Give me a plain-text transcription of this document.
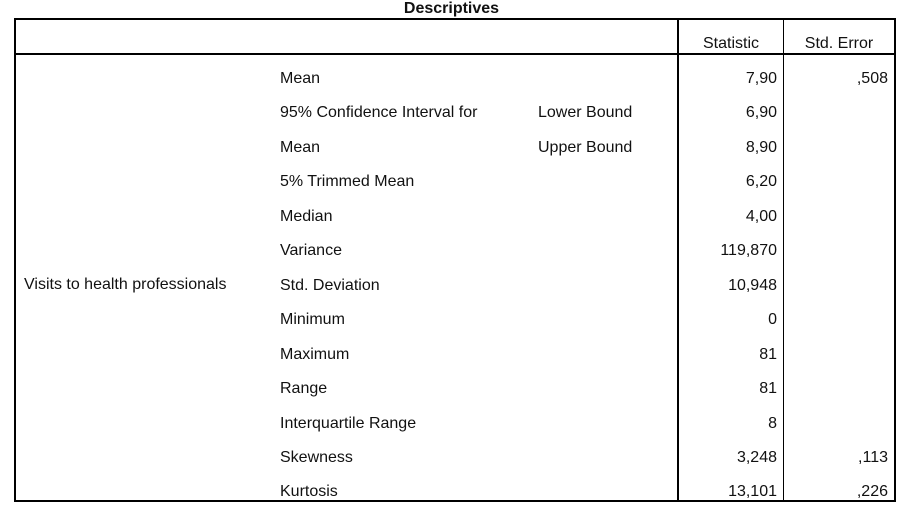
Descriptives
Statistic	Std. Error
Visits to health professionals
Mean	7,90	,508
95% Confidence Interval for	Lower Bound	6,90
Mean	Upper Bound	8,90
5% Trimmed Mean	6,20
Median	4,00
Variance	119,870
Std. Deviation	10,948
Minimum	0
Maximum	81
Range	81
Interquartile Range	8
Skewness	3,248	,113
Kurtosis	13,101	,226
